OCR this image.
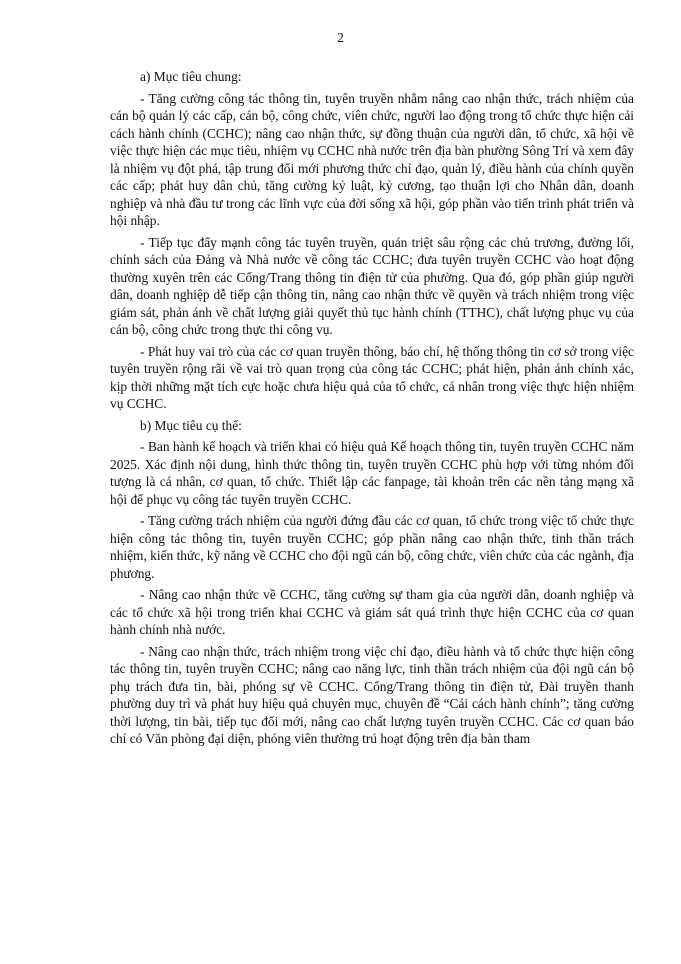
2

a) Mục tiêu chung:

- Tăng cường công tác thông tin, tuyên truyền nhằm nâng cao nhận thức, trách nhiệm của cán bộ quản lý các cấp, cán bộ, công chức, viên chức, người lao động trong tổ chức thực hiện cải cách hành chính (CCHC); nâng cao nhận thức, sự đồng thuận của người dân, tổ chức, xã hội về việc thực hiện các mục tiêu, nhiệm vụ CCHC nhà nước trên địa bàn phường Sông Trí và xem đây là nhiệm vụ đột phá, tập trung đổi mới phương thức chỉ đạo, quản lý, điều hành của chính quyền các cấp; phát huy dân chủ, tăng cường kỷ luật, kỷ cương, tạo thuận lợi cho Nhân dân, doanh nghiệp và nhà đầu tư trong các lĩnh vực của đời sống xã hội, góp phần vào tiến trình phát triển và hội nhập.

- Tiếp tục đẩy mạnh công tác tuyên truyền, quán triệt sâu rộng các chủ trương, đường lối, chính sách của Đảng và Nhà nước về công tác CCHC; đưa tuyên truyền CCHC vào hoạt động thường xuyên trên các Cổng/Trang thông tin điện tử của phường. Qua đó, góp phần giúp người dân, doanh nghiệp dễ tiếp cận thông tin, nâng cao nhận thức về quyền và trách nhiệm trong việc giám sát, phản ánh về chất lượng giải quyết thủ tục hành chính (TTHC), chất lượng phục vụ của cán bộ, công chức trong thực thi công vụ.

- Phát huy vai trò của các cơ quan truyền thông, báo chí, hệ thống thông tin cơ sở trong việc tuyên truyền rộng rãi về vai trò quan trọng của công tác CCHC; phát hiện, phản ánh chính xác, kịp thời những mặt tích cực hoặc chưa hiệu quả của tổ chức, cá nhân trong việc thực hiện nhiệm vụ CCHC.

b) Mục tiêu cụ thể:

- Ban hành kế hoạch và triển khai có hiệu quả Kế hoạch thông tin, tuyên truyền CCHC năm 2025. Xác định nội dung, hình thức thông tin, tuyên truyền CCHC phù hợp với từng nhóm đối tượng là cá nhân, cơ quan, tổ chức. Thiết lập các fanpage, tài khoản trên các nền tảng mạng xã hội để phục vụ công tác tuyên truyền CCHC.

- Tăng cường trách nhiệm của người đứng đầu các cơ quan, tổ chức trong việc tổ chức thực hiện công tác thông tin, tuyên truyền CCHC; góp phần nâng cao nhận thức, tinh thần trách nhiệm, kiến thức, kỹ năng về CCHC cho đội ngũ cán bộ, công chức, viên chức của các ngành, địa phương.

- Nâng cao nhận thức về CCHC, tăng cường sự tham gia của người dân, doanh nghiệp và các tổ chức xã hội trong triển khai CCHC và giám sát quá trình thực hiện CCHC của cơ quan hành chính nhà nước.

- Nâng cao nhận thức, trách nhiệm trong việc chỉ đạo, điều hành và tổ chức thực hiện công tác thông tin, tuyên truyền CCHC; nâng cao năng lực, tinh thần trách nhiệm của đội ngũ cán bộ phụ trách đưa tin, bài, phóng sự về CCHC. Cổng/Trang thông tin điện tử, Đài truyền thanh phường duy trì và phát huy hiệu quả chuyên mục, chuyên đề “Cải cách hành chính”; tăng cường thời lượng, tin bài, tiếp tục đổi mới, nâng cao chất lượng tuyên truyền CCHC. Các cơ quan báo chí có Văn phòng đại diện, phóng viên thường trú hoạt động trên địa bàn tham
